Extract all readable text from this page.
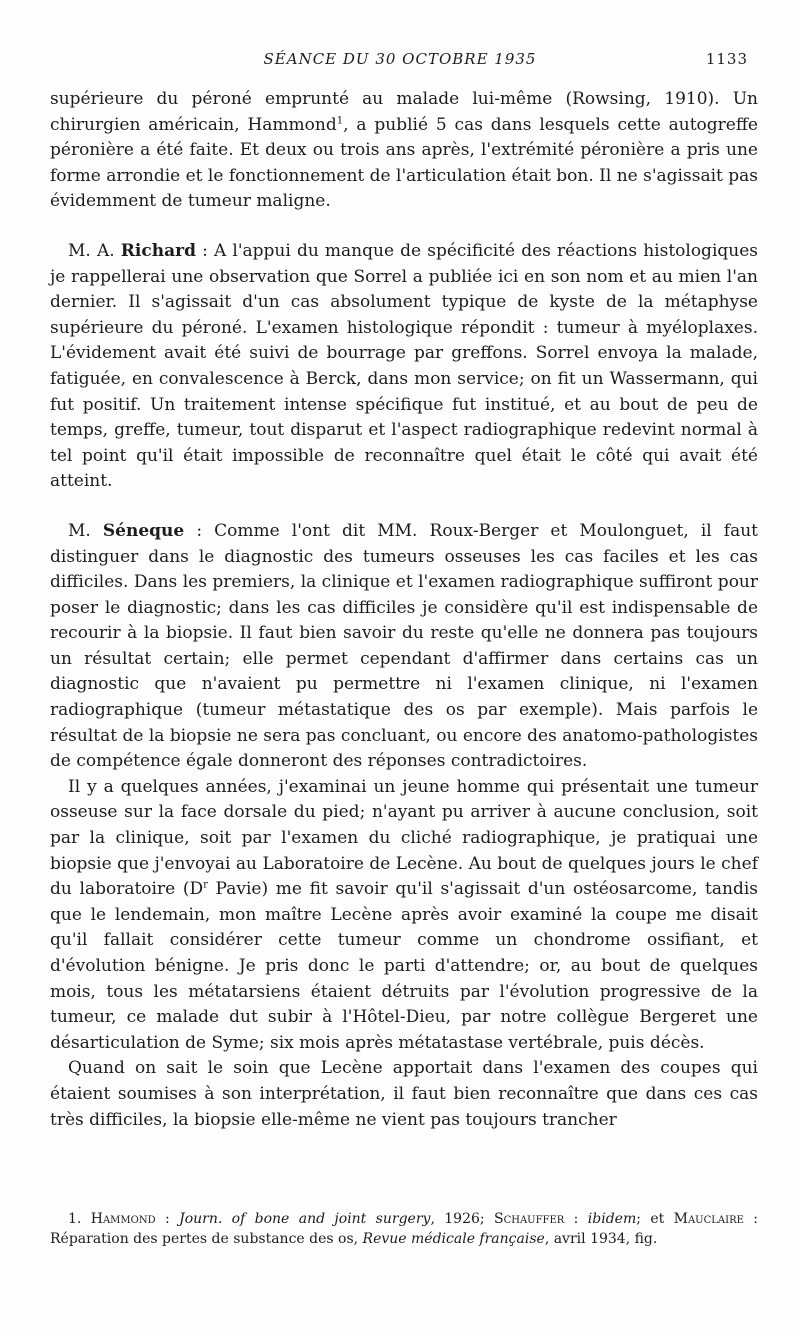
SÉANCE DU 30 OCTOBRE 1935	1133

supérieure du péroné emprunté au malade lui-même (Rowsing, 1910). Un chirurgien américain, Hammond$^1$, a publié 5 cas dans lesquels cette autogreffe péronière a été faite. Et deux ou trois ans après, l'extrémité péronière a pris une forme arrondie et le fonctionnement de l'articulation était bon. Il ne s'agissait pas évidemment de tumeur maligne.

M. A. Richard : A l'appui du manque de spécificité des réactions histologiques je rappellerai une observation que Sorrel a publiée ici en son nom et au mien l'an dernier. Il s'agissait d'un cas absolument typique de kyste de la métaphyse supérieure du péroné. L'examen histologique répondit : tumeur à myéloplaxes. L'évidement avait été suivi de bourrage par greffons. Sorrel envoya la malade, fatiguée, en convalescence à Berck, dans mon service; on fit un Wassermann, qui fut positif. Un traitement intense spécifique fut institué, et au bout de peu de temps, greffe, tumeur, tout disparut et l'aspect radiographique redevint normal à tel point qu'il était impossible de reconnaître quel était le côté qui avait été atteint.

M. Séneque : Comme l'ont dit MM. Roux-Berger et Moulonguet, il faut distinguer dans le diagnostic des tumeurs osseuses les cas faciles et les cas difficiles. Dans les premiers, la clinique et l'examen radiographique suffiront pour poser le diagnostic; dans les cas difficiles je considère qu'il est indispensable de recourir à la biopsie. Il faut bien savoir du reste qu'elle ne donnera pas toujours un résultat certain; elle permet cependant d'affirmer dans certains cas un diagnostic que n'avaient pu permettre ni l'examen clinique, ni l'examen radiographique (tumeur métastatique des os par exemple). Mais parfois le résultat de la biopsie ne sera pas concluant, ou encore des anatomo-pathologistes de compétence égale donneront des réponses contradictoires.

Il y a quelques années, j'examinai un jeune homme qui présentait une tumeur osseuse sur la face dorsale du pied; n'ayant pu arriver à aucune conclusion, soit par la clinique, soit par l'examen du cliché radiographique, je pratiquai une biopsie que j'envoyai au Laboratoire de Lecène. Au bout de quelques jours le chef du laboratoire ($D^r$ Pavie) me fit savoir qu'il s'agissait d'un ostéosarcome, tandis que le lendemain, mon maître Lecène après avoir examiné la coupe me disait qu'il fallait considérer cette tumeur comme un chondrome ossifiant, et d'évolution bénigne. Je pris donc le parti d'attendre; or, au bout de quelques mois, tous les métatarsiens étaient détruits par l'évolution progressive de la tumeur, ce malade dut subir à l'Hôtel-Dieu, par notre collègue Bergeret une désarticulation de Syme; six mois après métatastase vertébrale, puis décès.

Quand on sait le soin que Lecène apportait dans l'examen des coupes qui étaient soumises à son interprétation, il faut bien reconnaître que dans ces cas très difficiles, la biopsie elle-même ne vient pas toujours trancher

1. Hammond : Journ. of bone and joint surgery, 1926; Schauffer : ibidem; et Mauclaire : Réparation des pertes de substance des os, Revue médicale française, avril 1934, fig.
